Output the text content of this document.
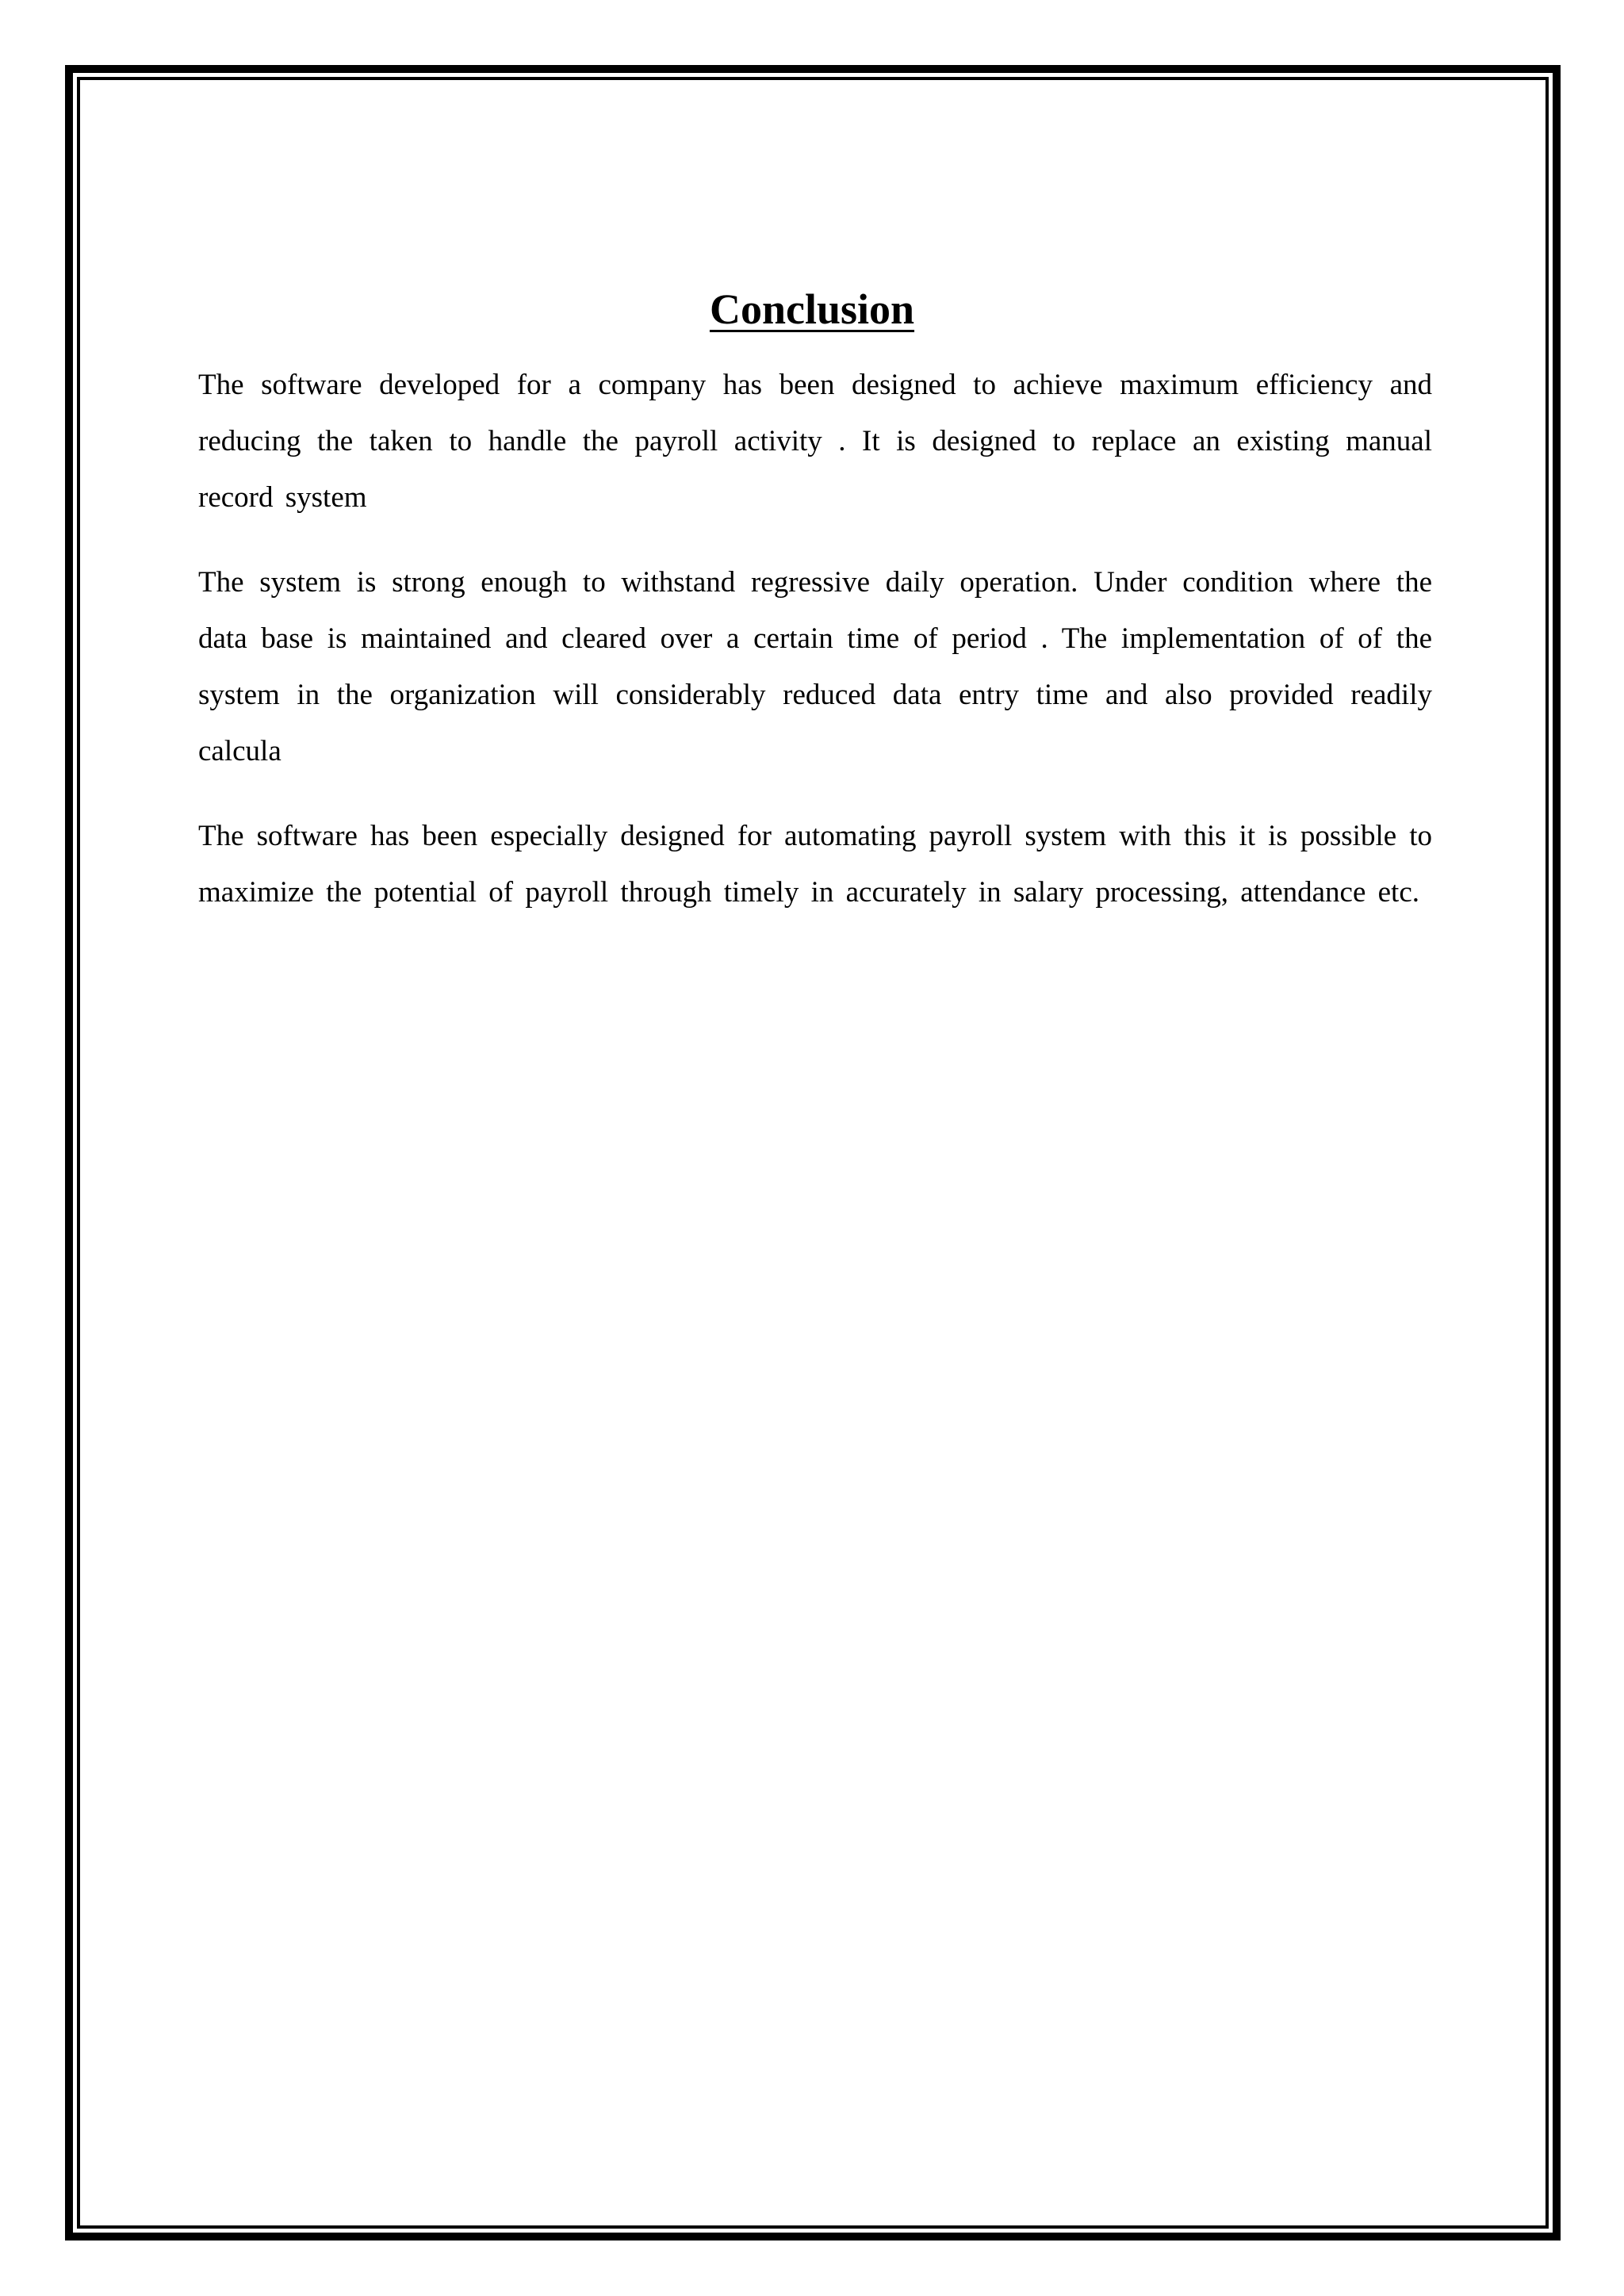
Conclusion

The software developed for a company has been designed to achieve maximum efficiency and reducing the taken to handle the payroll activity . It is designed to replace an existing manual record system

The system is strong enough to withstand regressive daily operation. Under condition where the data base is maintained and cleared over a certain time of period . The implementation of of the system in the organization will considerably reduced data entry time and also provided readily calcula

The software has been especially designed for automating payroll system with this it is possible to maximize the potential of payroll through timely in accurately in salary processing, attendance etc.
